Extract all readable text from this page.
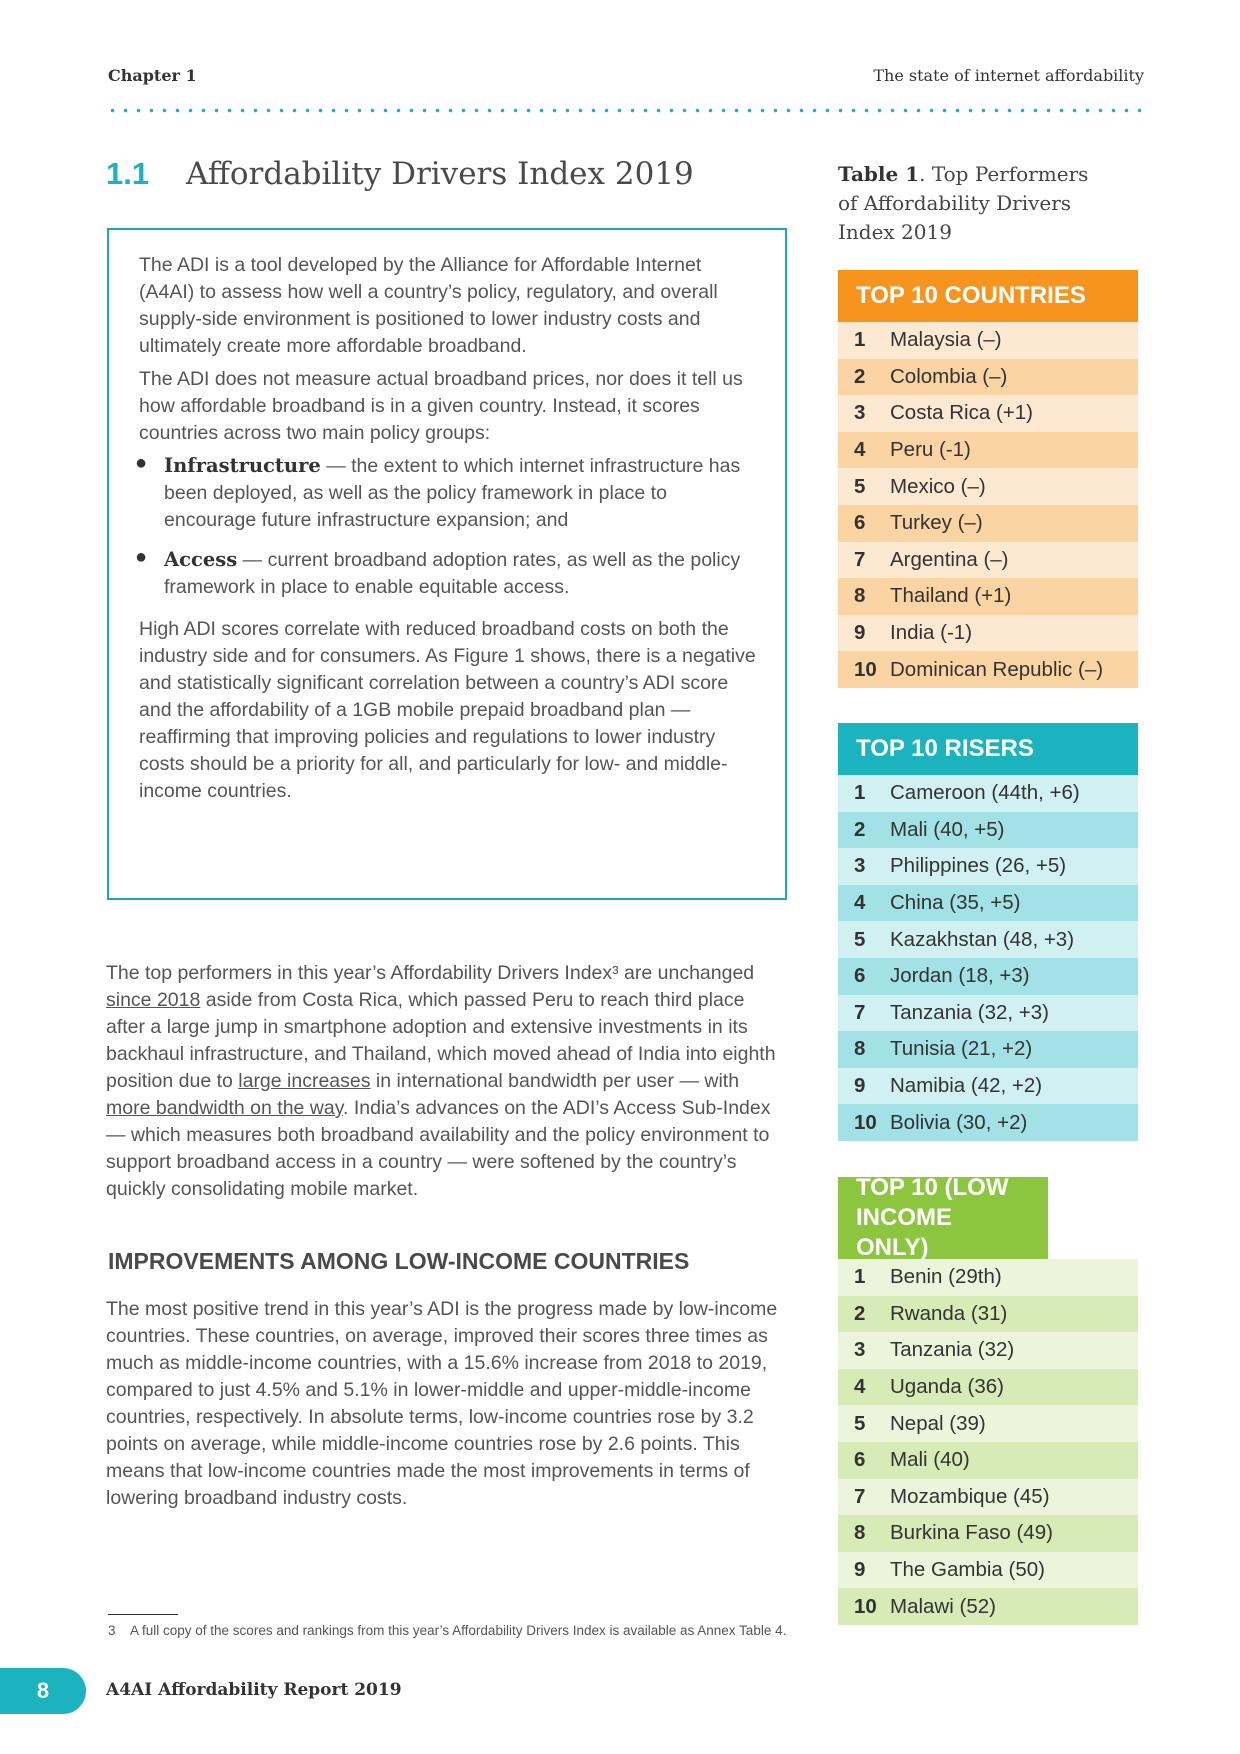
Chapter 1	The state of internet affordability
1.1 Affordability Drivers Index 2019
The ADI is a tool developed by the Alliance for Affordable Internet (A4AI) to assess how well a country’s policy, regulatory, and overall supply-side environment is positioned to lower industry costs and ultimately create more affordable broadband.
The ADI does not measure actual broadband prices, nor does it tell us how affordable broadband is in a given country. Instead, it scores countries across two main policy groups:
● Infrastructure — the extent to which internet infrastructure has been deployed, as well as the policy framework in place to encourage future infrastructure expansion; and
● Access — current broadband adoption rates, as well as the policy framework in place to enable equitable access.
High ADI scores correlate with reduced broadband costs on both the industry side and for consumers. As Figure 1 shows, there is a negative and statistically significant correlation between a country’s ADI score and the affordability of a 1GB mobile prepaid broadband plan — reaffirming that improving policies and regulations to lower industry costs should be a priority for all, and particularly for low- and middle-income countries.
The top performers in this year’s Affordability Drivers Index³ are unchanged since 2018 aside from Costa Rica, which passed Peru to reach third place after a large jump in smartphone adoption and extensive investments in its backhaul infrastructure, and Thailand, which moved ahead of India into eighth position due to large increases in international bandwidth per user — with more bandwidth on the way. India’s advances on the ADI’s Access Sub-Index — which measures both broadband availability and the policy environment to support broadband access in a country — were softened by the country’s quickly consolidating mobile market.
IMPROVEMENTS AMONG LOW-INCOME COUNTRIES
The most positive trend in this year’s ADI is the progress made by low-income countries. These countries, on average, improved their scores three times as much as middle-income countries, with a 15.6% increase from 2018 to 2019, compared to just 4.5% and 5.1% in lower-middle and upper-middle-income countries, respectively. In absolute terms, low-income countries rose by 3.2 points on average, while middle-income countries rose by 2.6 points. This means that low-income countries made the most improvements in terms of lowering broadband industry costs.
3 A full copy of the scores and rankings from this year’s Affordability Drivers Index is available as Annex Table 4.
8	A4AI Affordability Report 2019
Table 1. Top Performers of Affordability Drivers Index 2019
TOP 10 COUNTRIES
1	Malaysia (–)
2	Colombia (–)
3	Costa Rica (+1)
4	Peru (-1)
5	Mexico (–)
6	Turkey (–)
7	Argentina (–)
8	Thailand (+1)
9	India (-1)
10 Dominican Republic (–)
TOP 10 RISERS
1	Cameroon (44th, +6)
2	Mali (40, +5)
3	Philippines (26, +5)
4	China (35, +5)
5	Kazakhstan (48, +3)
6	Jordan (18, +3)
7	Tanzania (32, +3)
8	Tunisia (21, +2)
9	Namibia (42, +2)
10 Bolivia (30, +2)
TOP 10 (LOW INCOME ONLY)
1	Benin (29th)
2	Rwanda (31)
3	Tanzania (32)
4	Uganda (36)
5	Nepal (39)
6	Mali (40)
7	Mozambique (45)
8	Burkina Faso (49)
9	The Gambia (50)
10 Malawi (52)
